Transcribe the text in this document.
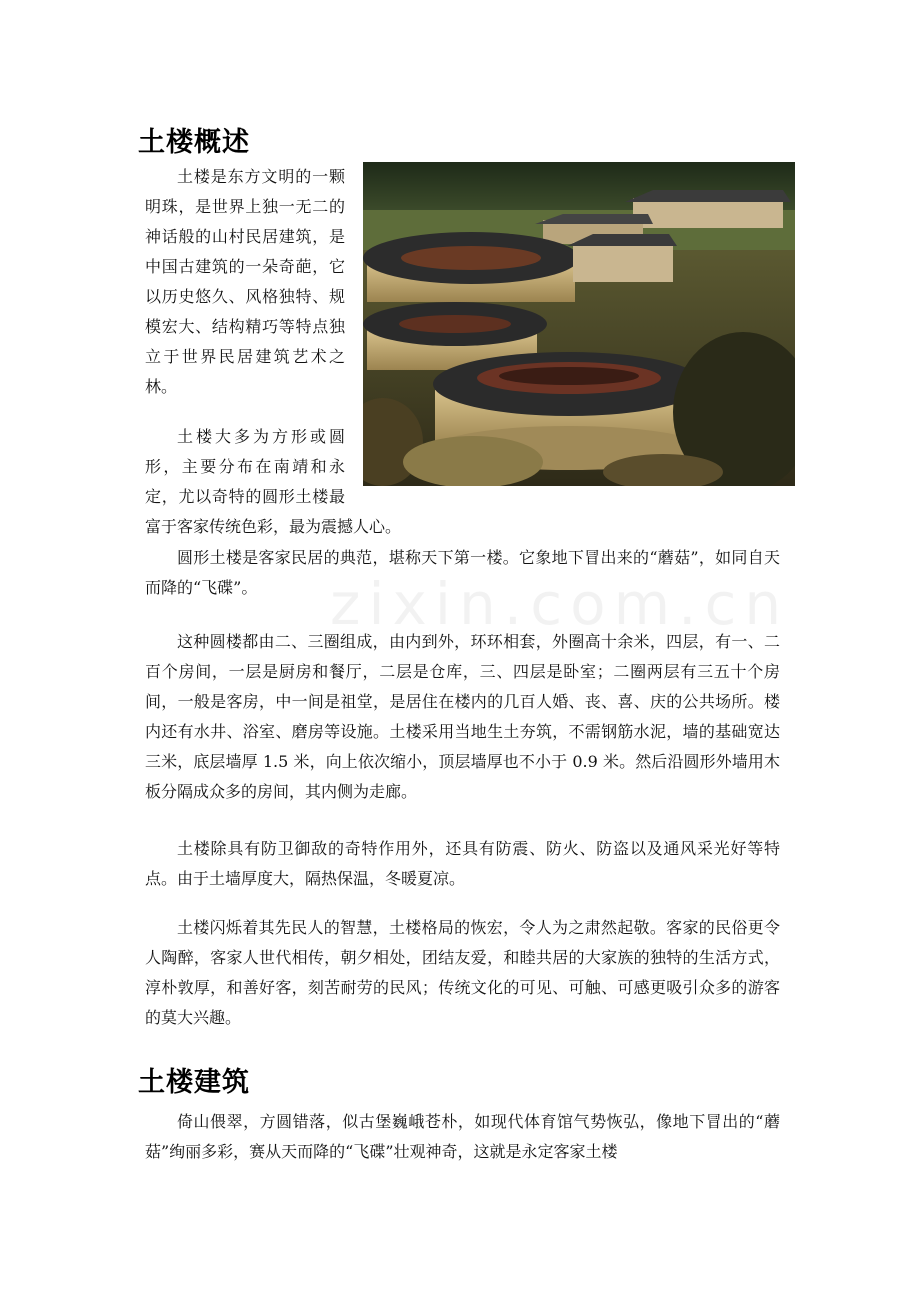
土楼概述

土楼是东方文明的一颗明珠，是世界上独一无二的神话般的山村民居建筑，是中国古建筑的一朵奇葩，它以历史悠久、风格独特、规模宏大、结构精巧等特点独立于世界民居建筑艺术之林。

土楼大多为方形或圆形，主要分布在南靖和永定，尤以奇特的圆形土楼最富于客家传统色彩，最为震撼人心。

圆形土楼是客家民居的典范，堪称天下第一楼。它象地下冒出来的“蘑菇”，如同自天而降的“飞碟”。

这种圆楼都由二、三圈组成，由内到外，环环相套，外圈高十余米，四层，有一、二百个房间，一层是厨房和餐厅，二层是仓库，三、四层是卧室；二圈两层有三五十个房间，一般是客房，中一间是祖堂，是居住在楼内的几百人婚、丧、喜、庆的公共场所。楼内还有水井、浴室、磨房等设施。土楼采用当地生土夯筑，不需钢筋水泥，墙的基础宽达三米，底层墙厚 1.5 米，向上依次缩小，顶层墙厚也不小于 0.9 米。然后沿圆形外墙用木板分隔成众多的房间，其内侧为走廊。

土楼除具有防卫御敌的奇特作用外，还具有防震、防火、防盗以及通风采光好等特点。由于土墙厚度大，隔热保温，冬暖夏凉。

土楼闪烁着其先民人的智慧，土楼格局的恢宏，令人为之肃然起敬。客家的民俗更令人陶醉，客家人世代相传，朝夕相处，团结友爱，和睦共居的大家族的独特的生活方式，淳朴敦厚，和善好客，刻苦耐劳的民风；传统文化的可见、可触、可感更吸引众多的游客的莫大兴趣。

土楼建筑

倚山偎翠，方圆错落，似古堡巍峨苍朴，如现代体育馆气势恢弘，像地下冒出的“蘑菇”绚丽多彩，赛从天而降的“飞碟”壮观神奇，这就是永定客家土楼

zixin.com.cn
